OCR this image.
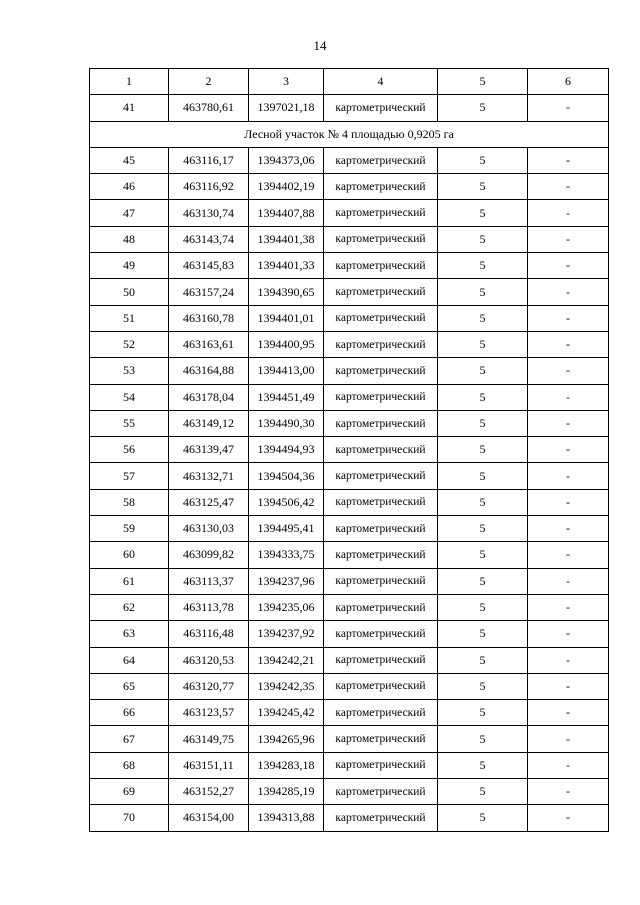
14
1	2	3	4	5	6
41	463780,61	1397021,18	картометрический	5	-
Лесной участок № 4 площадью 0,9205 га					
45	463116,17	1394373,06	картометрический	5	-
46	463116,92	1394402,19	картометрический	5	-
47	463130,74	1394407,88	картометрический	5	-
48	463143,74	1394401,38	картометрический	5	-
49	463145,83	1394401,33	картометрический	5	-
50	463157,24	1394390,65	картометрический	5	-
51	463160,78	1394401,01	картометрический	5	-
52	463163,61	1394400,95	картометрический	5	-
53	463164,88	1394413,00	картометрический	5	-
54	463178,04	1394451,49	картометрический	5	-
55	463149,12	1394490,30	картометрический	5	-
56	463139,47	1394494,93	картометрический	5	-
57	463132,71	1394504,36	картометрический	5	-
58	463125,47	1394506,42	картометрический	5	-
59	463130,03	1394495,41	картометрический	5	-
60	463099,82	1394333,75	картометрический	5	-
61	463113,37	1394237,96	картометрический	5	-
62	463113,78	1394235,06	картометрический	5	-
63	463116,48	1394237,92	картометрический	5	-
64	463120,53	1394242,21	картометрический	5	-
65	463120,77	1394242,35	картометрический	5	-
66	463123,57	1394245,42	картометрический	5	-
67	463149,75	1394265,96	картометрический	5	-
68	463151,11	1394283,18	картометрический	5	-
69	463152,27	1394285,19	картометрический	5	-
70	463154,00	1394313,88	картометрический	5	-
